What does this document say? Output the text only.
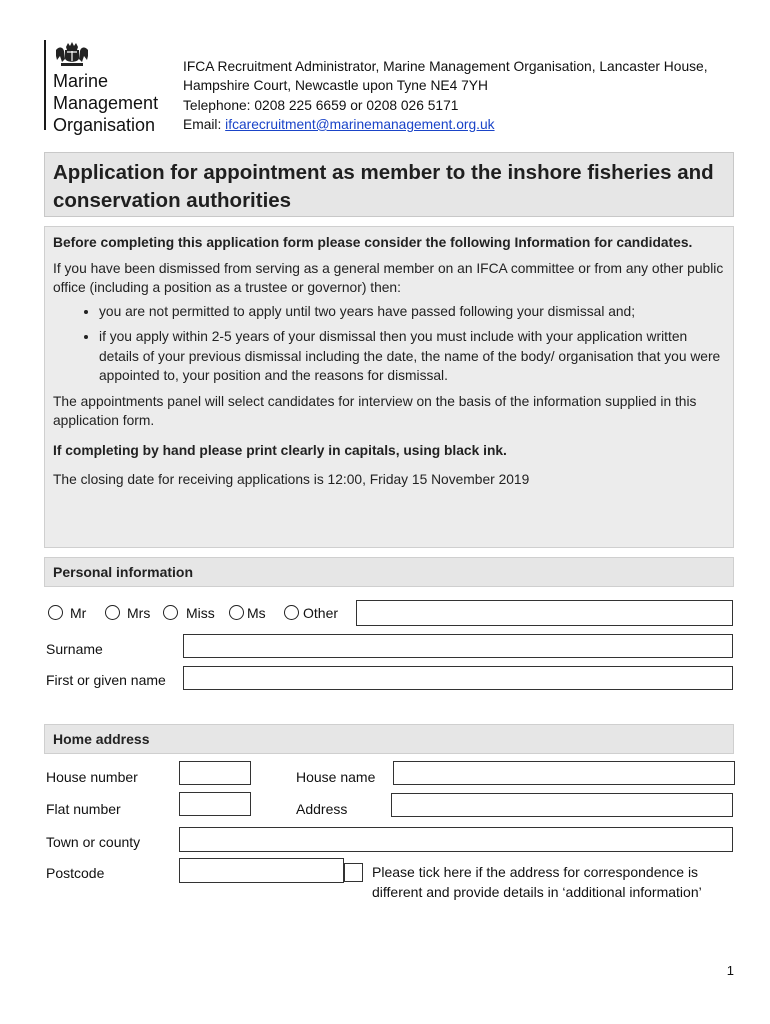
Marine
Management
Organisation
IFCA Recruitment Administrator, Marine Management Organisation, Lancaster House, Hampshire Court, Newcastle upon Tyne NE4 7YH
Telephone: 0208 225 6659 or 0208 026 5171
Email: ifcarecruitment@marinemanagement.org.uk
Application for appointment as member to the inshore fisheries and conservation authorities

Before completing this application form please consider the following Information for candidates.

If you have been dismissed from serving as a general member on an IFCA committee or from any other public office (including a position as a trustee or governor) then:

• you are not permitted to apply until two years have passed following your dismissal and;
• if you apply within 2-5 years of your dismissal then you must include with your application written details of your previous dismissal including the date, the name of the body/ organisation that you were appointed to, your position and the reasons for dismissal.

The appointments panel will select candidates for interview on the basis of the information supplied in this application form.

If completing by hand please print clearly in capitals, using black ink.

The closing date for receiving applications is 12:00, Friday 15 November 2019

Personal information
Mr	Mrs	Miss Ms	Other
Surname
First or given name
Home address
House number	House name
Flat number	Address
Town or county
Postcode	Please tick here if the address for correspondence is different and provide details in ‘additional information’
1
